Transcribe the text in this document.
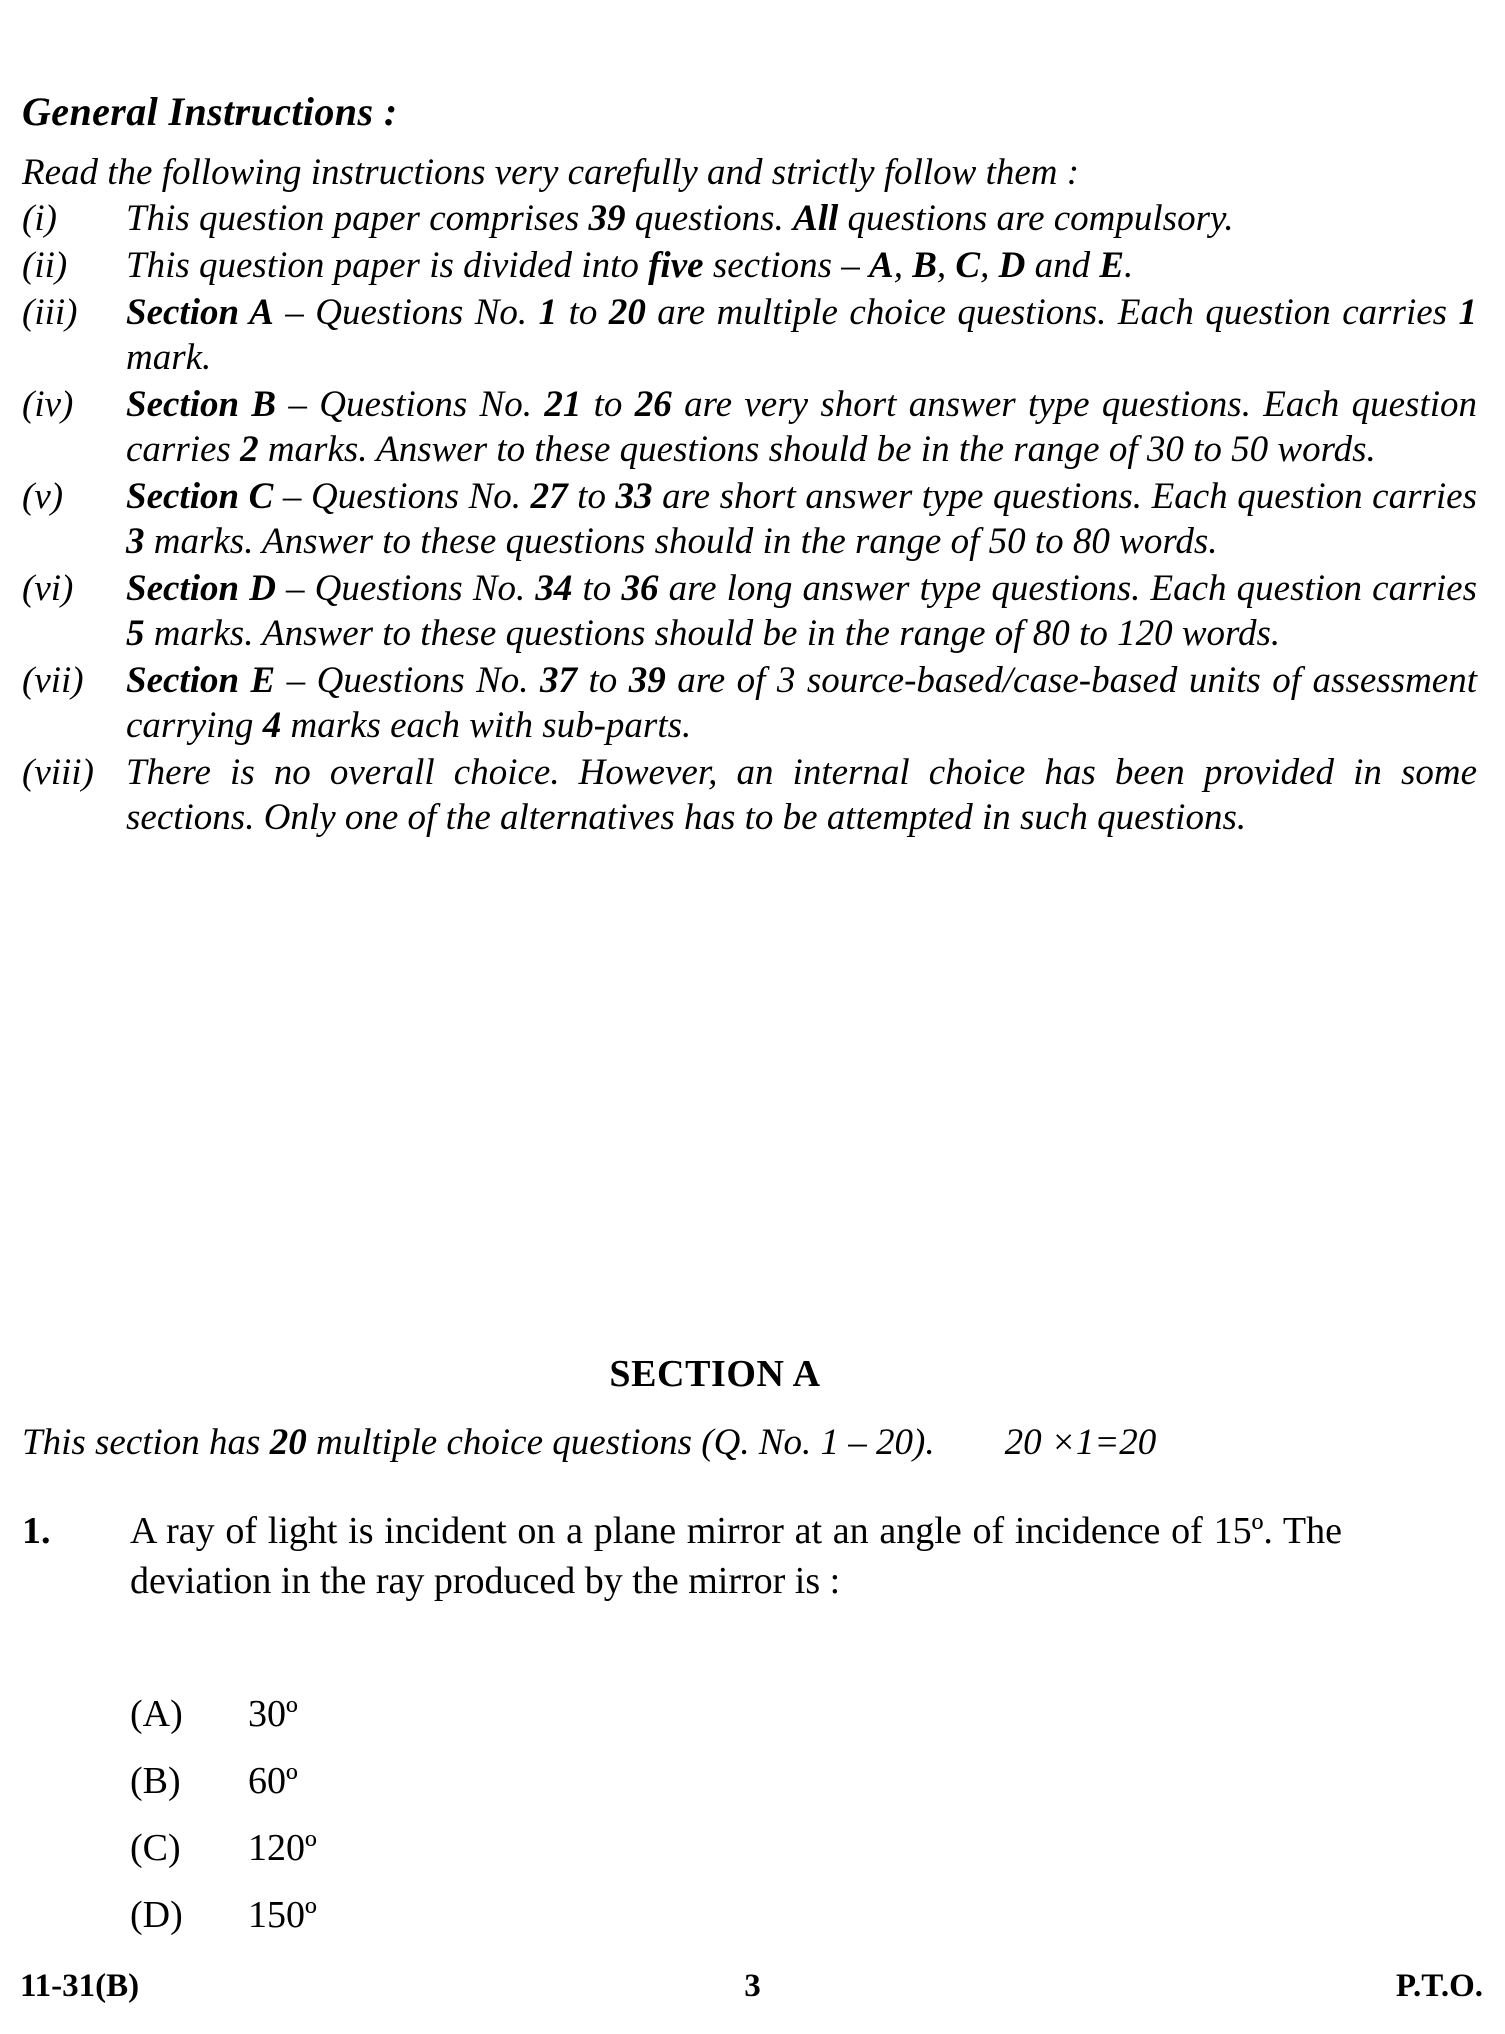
General Instructions :
Read the following instructions very carefully and strictly follow them :
(i)	This question paper comprises 39 questions. All questions are compulsory.
(ii)	This question paper is divided into five sections – A, B, C, D and E.
(iii)	Section A – Questions No. 1 to 20 are multiple choice questions. Each question carries 1 mark.
(iv)	Section B – Questions No. 21 to 26 are very short answer type questions. Each question carries 2 marks. Answer to these questions should be in the range of 30 to 50 words.
(v)	Section C – Questions No. 27 to 33 are short answer type questions. Each question carries 3 marks. Answer to these questions should in the range of 50 to 80 words.
(vi)	Section D – Questions No. 34 to 36 are long answer type questions. Each question carries 5 marks. Answer to these questions should be in the range of 80 to 120 words.
(vii)	Section E – Questions No. 37 to 39 are of 3 source-based/case-based units of assessment carrying 4 marks each with sub-parts.
(viii) There is no overall choice. However, an internal choice has been provided in some sections. Only one of the alternatives has to be attempted in such questions.
SECTION A
This section has 20 multiple choice questions (Q. No. 1 – 20). 20 ×1=20
1.	A ray of light is incident on a plane mirror at an angle of incidence of 15º. The deviation in the ray produced by the mirror is :
(A)	30º
(B)	60º
(C)	120º
(D)	150º
11-31(B)	3	P.T.O.
